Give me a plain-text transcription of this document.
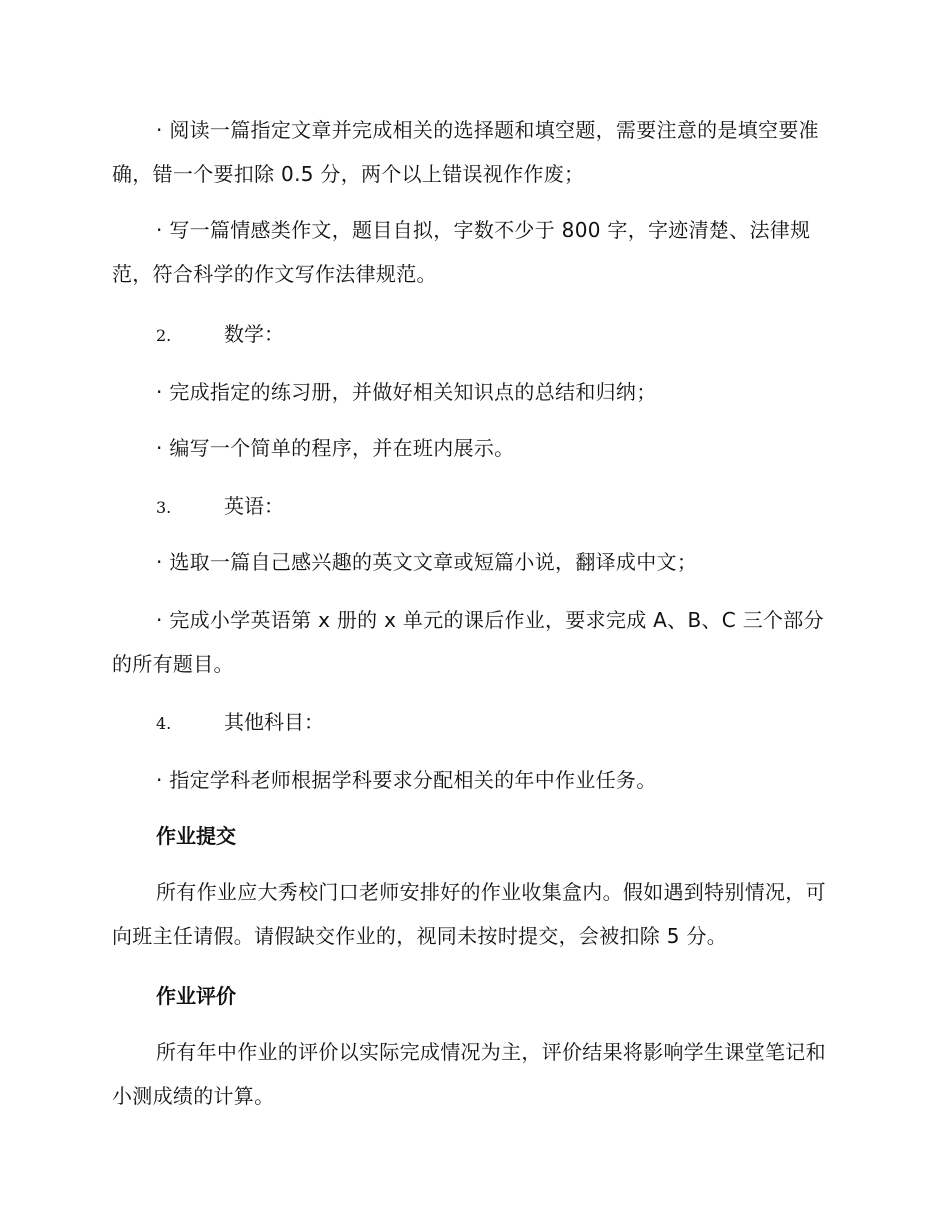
· 阅读一篇指定文章并完成相关的选择题和填空题，需要注意的是填空要准确，错一个要扣除 0.5 分，两个以上错误视作作废；
· 写一篇情感类作文，题目自拟，字数不少于 800 字，字迹清楚、法律规范，符合科学的作文写作法律规范。
2.	数学：
· 完成指定的练习册，并做好相关知识点的总结和归纳；
· 编写一个简单的程序，并在班内展示。
3.	英语：
· 选取一篇自己感兴趣的英文文章或短篇小说，翻译成中文；
· 完成小学英语第 x 册的 x 单元的课后作业，要求完成 A、B、C 三个部分的所有题目。
4.	其他科目：
· 指定学科老师根据学科要求分配相关的年中作业任务。
作业提交
所有作业应大秀校门口老师安排好的作业收集盒内。假如遇到特别情况，可向班主任请假。请假缺交作业的，视同未按时提交，会被扣除 5 分。
作业评价
所有年中作业的评价以实际完成情况为主，评价结果将影响学生课堂笔记和小测成绩的计算。
